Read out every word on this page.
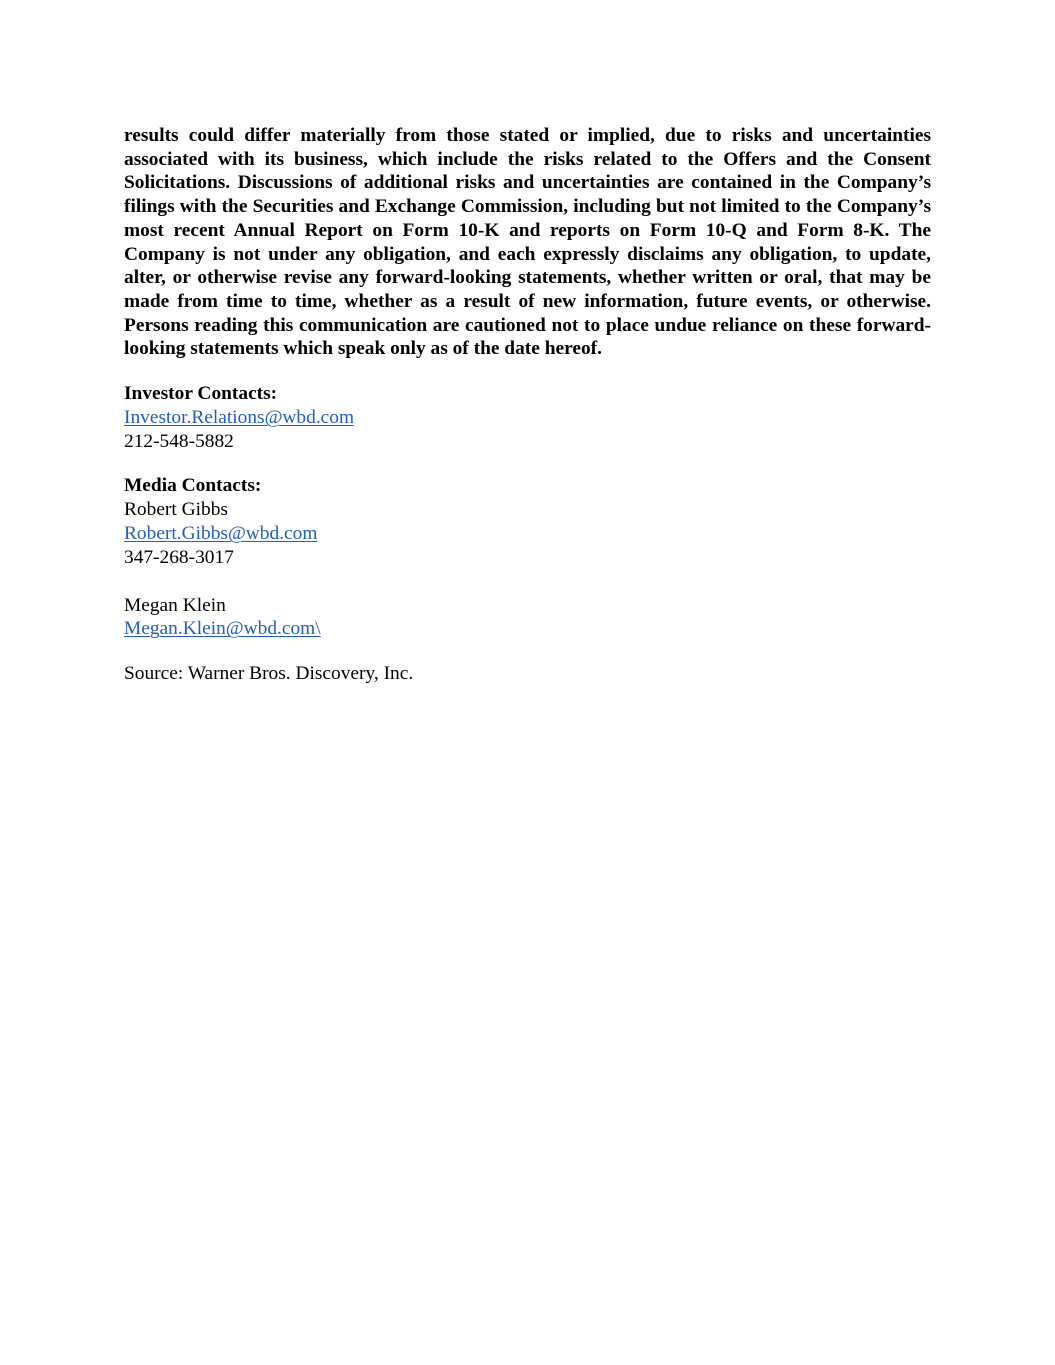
results could differ materially from those stated or implied, due to risks and uncertainties associated with its business, which include the risks related to the Offers and the Consent Solicitations. Discussions of additional risks and uncertainties are contained in the Company’s filings with the Securities and Exchange Commission, including but not limited to the Company’s most recent Annual Report on Form 10-K and reports on Form 10-Q and Form 8-K. The Company is not under any obligation, and each expressly disclaims any obligation, to update, alter, or otherwise revise any forward-looking statements, whether written or oral, that may be made from time to time, whether as a result of new information, future events, or otherwise. Persons reading this communication are cautioned not to place undue reliance on these forward-looking statements which speak only as of the date hereof.

Investor Contacts:
Investor.Relations@wbd.com
212-548-5882
Media Contacts:
Robert Gibbs
Robert.Gibbs@wbd.com
347-268-3017
Megan Klein
Megan.Klein@wbd.com\
Source: Warner Bros. Discovery, Inc.
